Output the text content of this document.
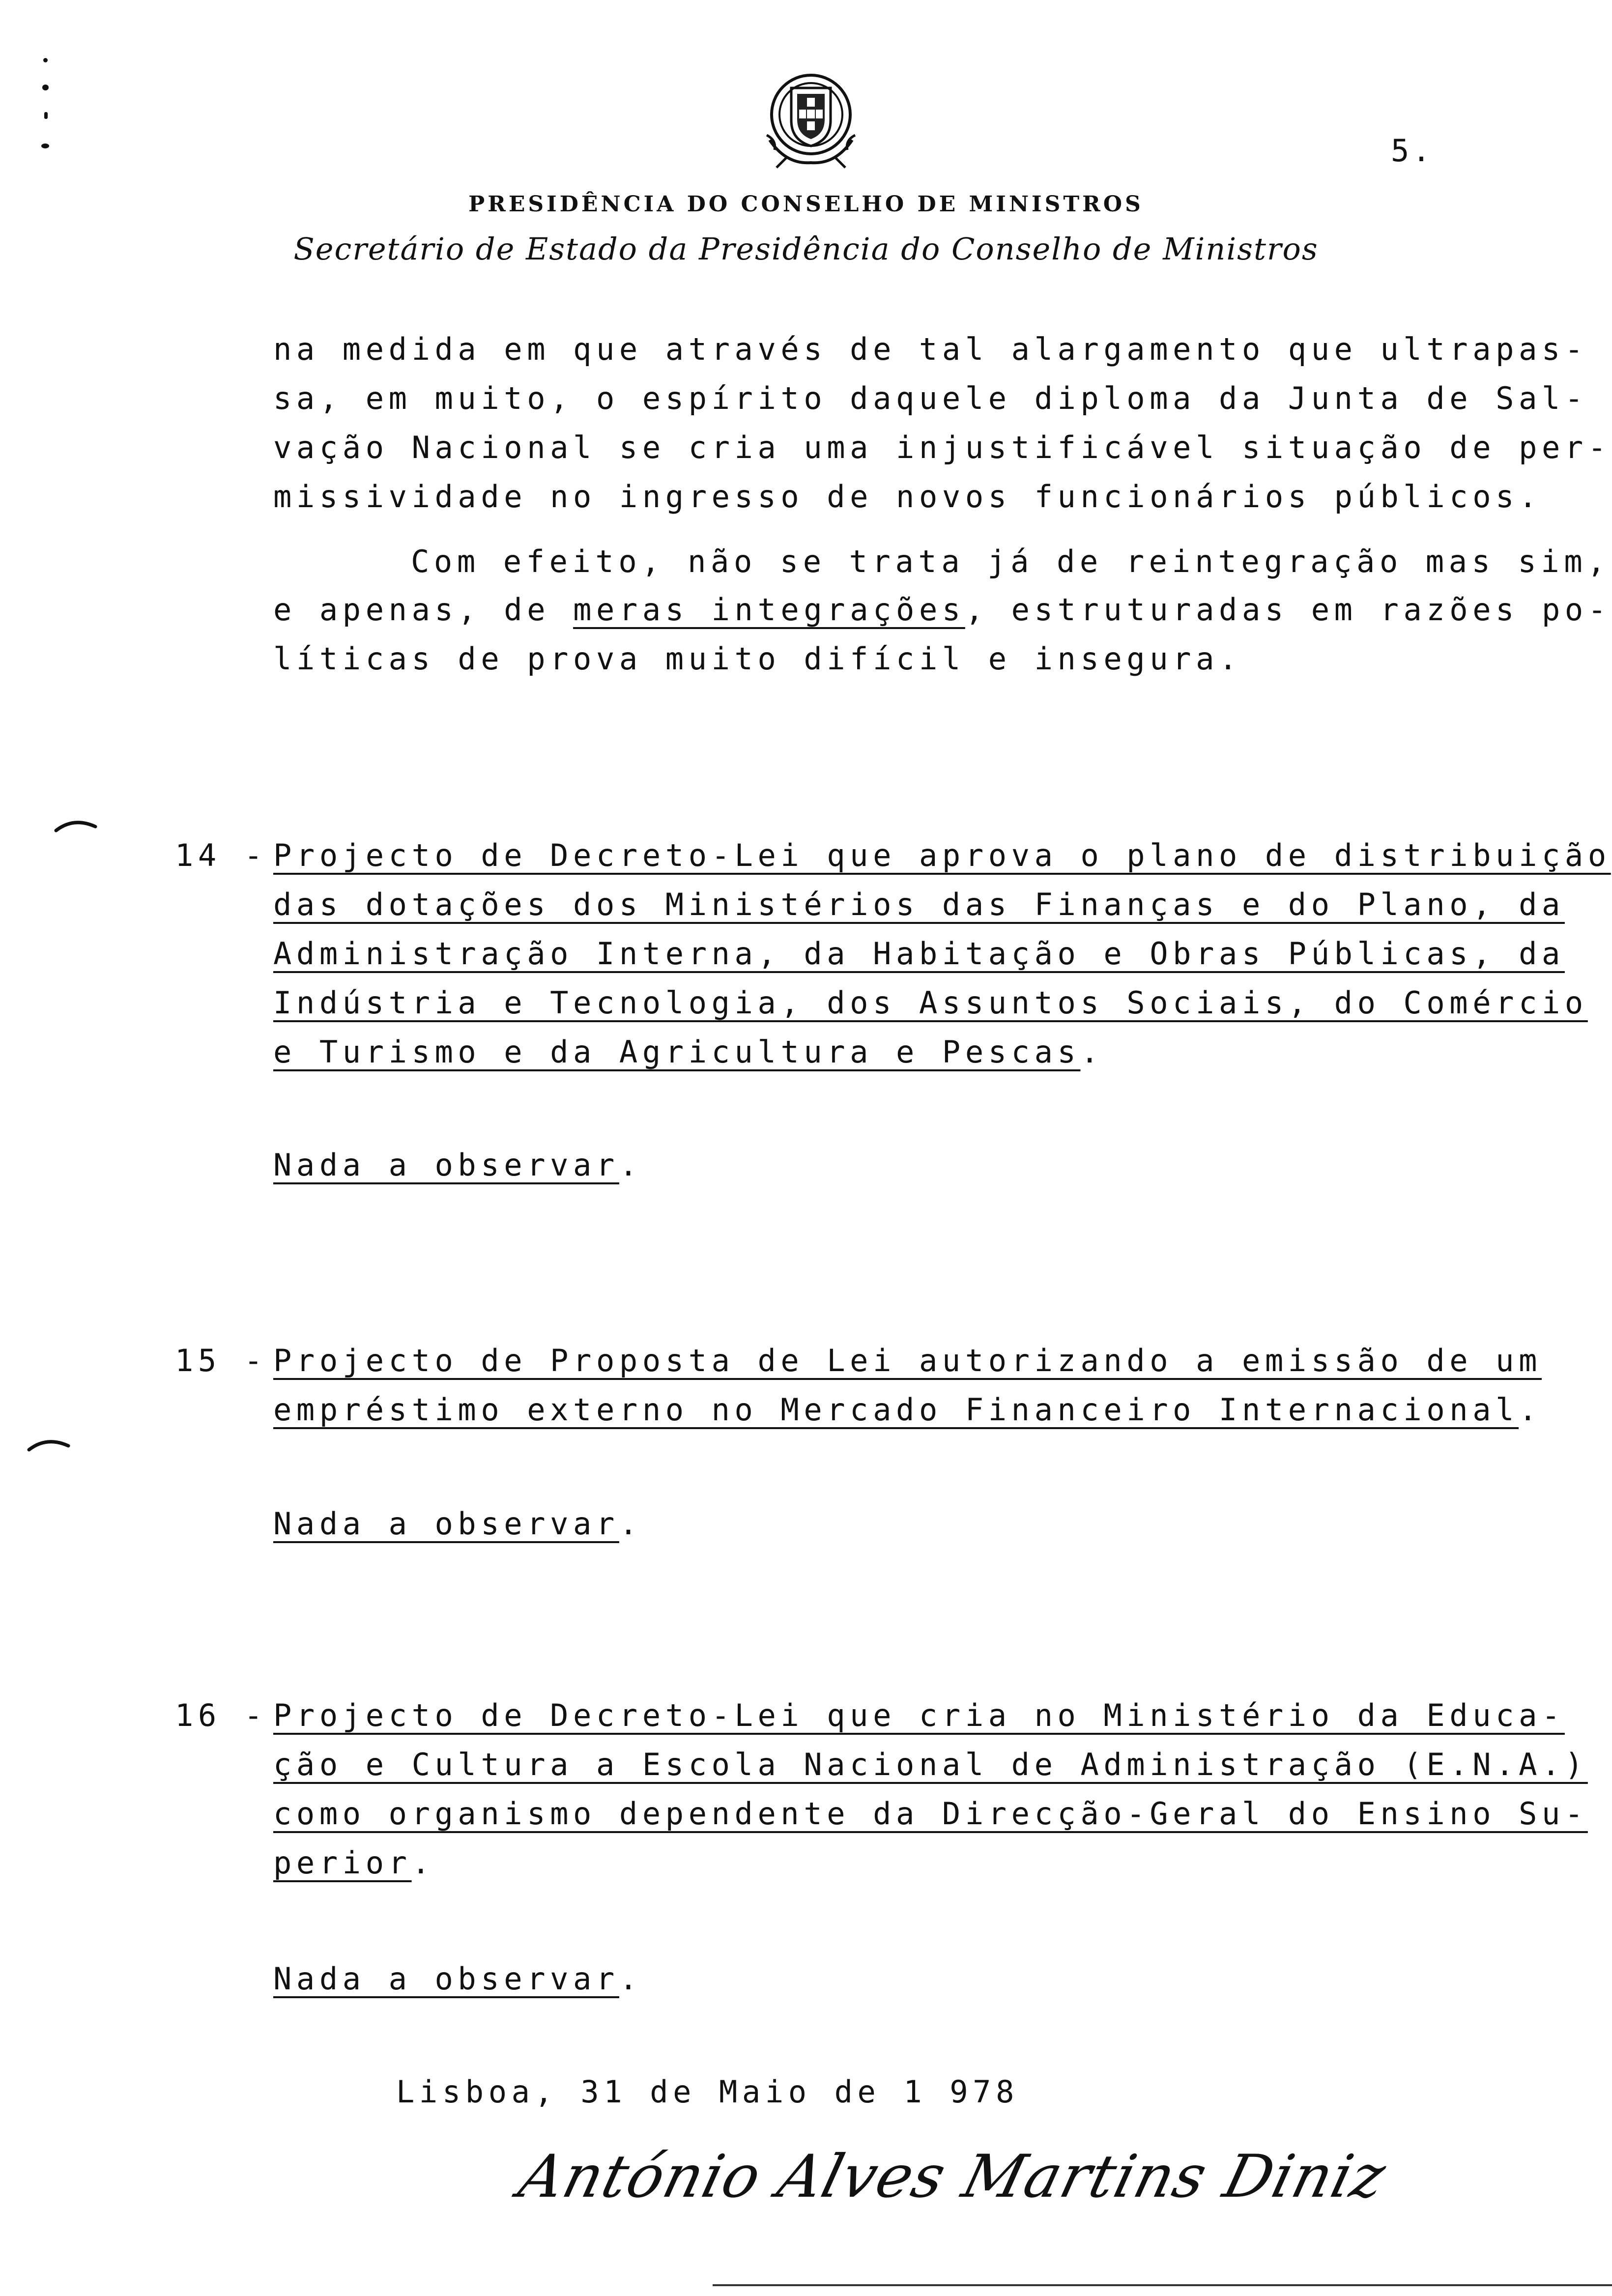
5.
PRESIDÊNCIA DO CONSELHO DE MINISTROS
Secretário de Estado da Presidência do Conselho de Ministros
na medida em que através de tal alargamento que ultrapas-
sa, em muito, o espírito daquele diploma da Junta de Sal-
vação Nacional se cria uma injustificável situação de per-
missividade no ingresso de novos funcionários públicos.
Com efeito, não se trata já de reintegração mas sim,
e apenas, de meras integrações, estruturadas em razões po-
líticas de prova muito difícil e insegura.
14 -
Projecto de Decreto-Lei que aprova o plano de distribuição
das dotações dos Ministérios das Finanças e do Plano, da
Administração Interna, da Habitação e Obras Públicas, da
Indústria e Tecnologia, dos Assuntos Sociais, do Comércio
e Turismo e da Agricultura e Pescas.
Nada a observar.
15 -
Projecto de Proposta de Lei autorizando a emissão de um
empréstimo externo no Mercado Financeiro Internacional.
Nada a observar.
16 -
Projecto de Decreto-Lei que cria no Ministério da Educa-
ção e Cultura a Escola Nacional de Administração (E.N.A.)
como organismo dependente da Direcção-Geral do Ensino Su-
perior.
Nada a observar.
Lisboa, 31 de Maio de 1 978
António Alves Martins Diniz
